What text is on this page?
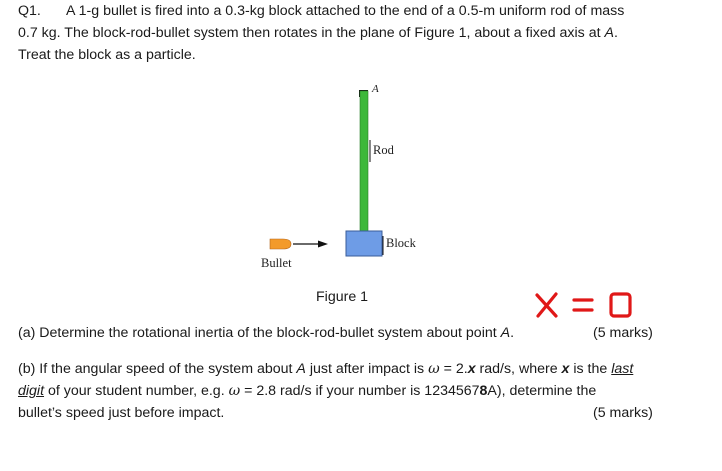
Q1. A 1-g bullet is fired into a 0.3-kg block attached to the end of a 0.5-m uniform rod of mass
0.7 kg. The block-rod-bullet system then rotates in the plane of Figure 1, about a fixed axis at A.
Treat the block as a particle.
A
Rod
Block
Bullet
Figure 1
(a) Determine the rotational inertia of the block-rod-bullet system about point A.	(5 marks)
(b) If the angular speed of the system about A just after impact is ω = 2.x rad/s, where x is the last
digit of your student number, e.g. ω = 2.8 rad/s if your number is 12345678A), determine the
bullet’s speed just before impact.	(5 marks)
